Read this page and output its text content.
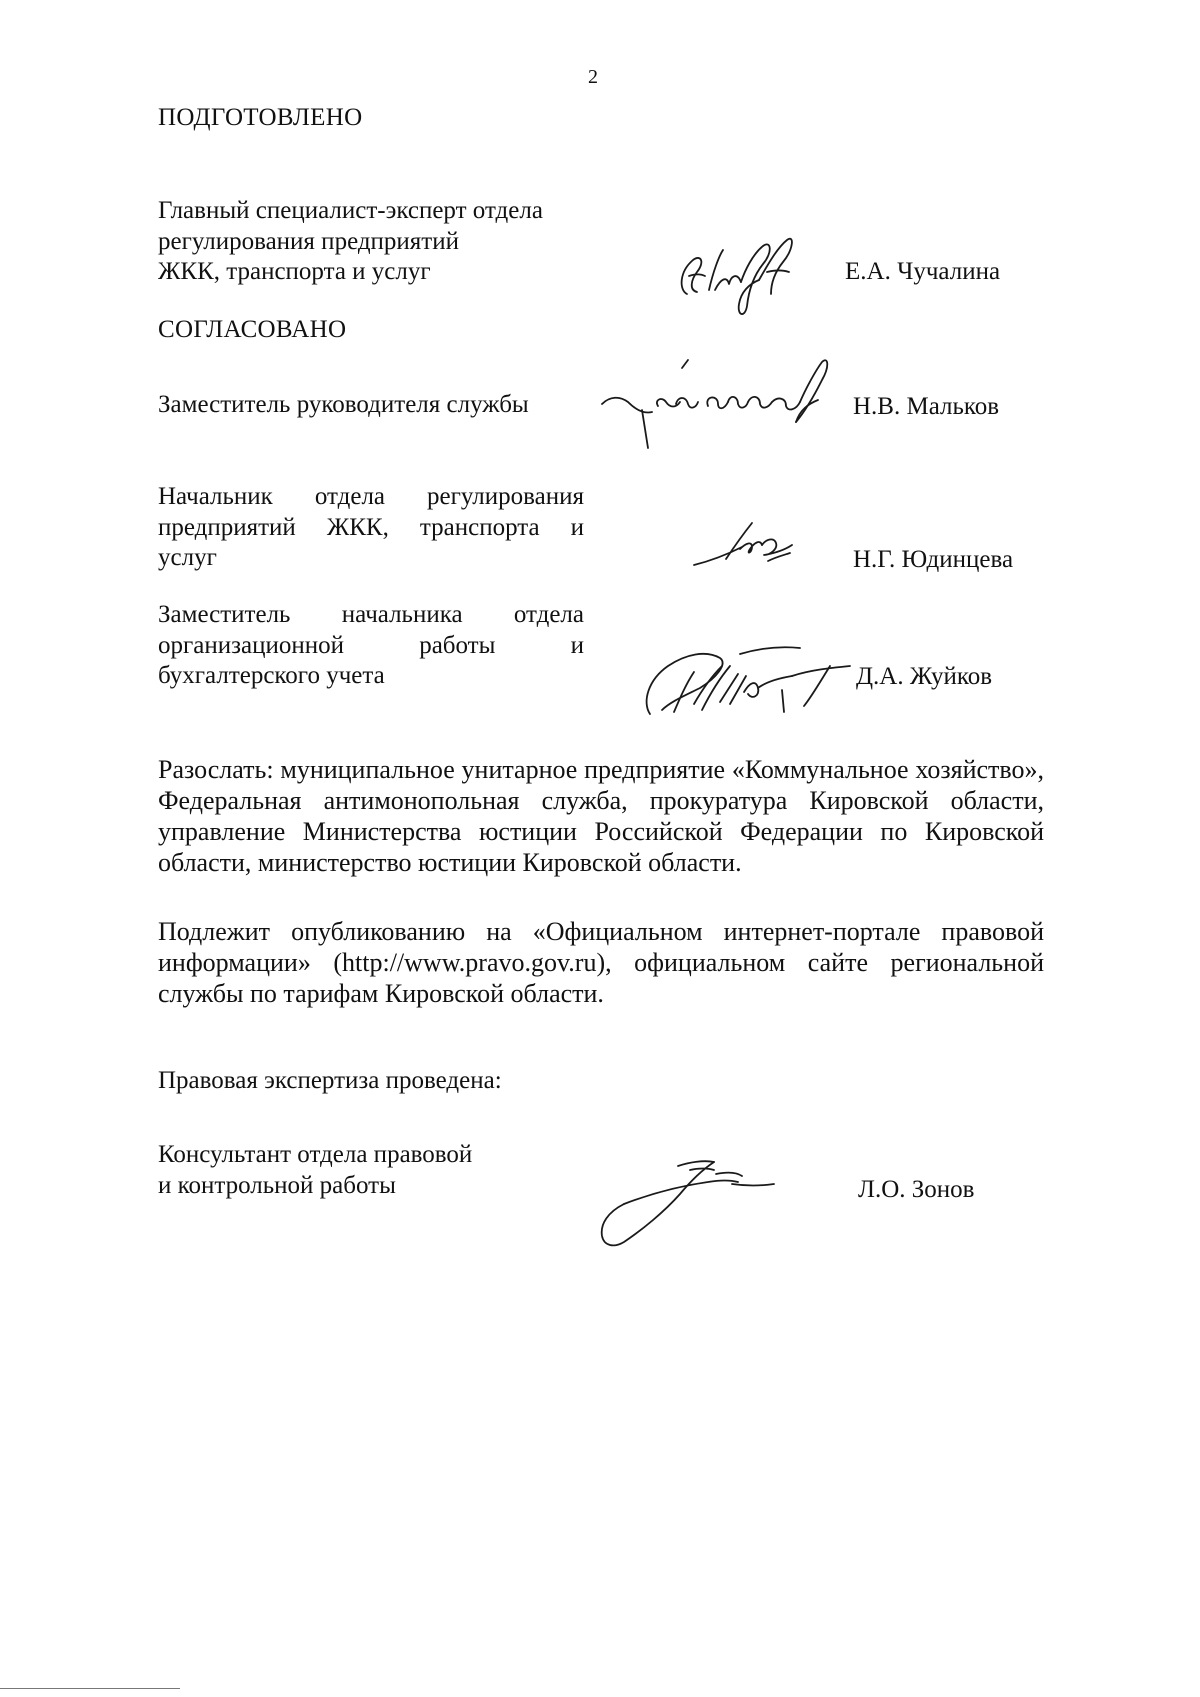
2
ПОДГОТОВЛЕНО
Главный специалист-эксперт отдела
регулирования предприятий
ЖКК, транспорта и услуг	Е.А. Чучалина
СОГЛАСОВАНО
Заместитель руководителя службы	Н.В. Мальков
Начальник отдела регулирования
предприятий ЖКК, транспорта и
услуг	Н.Г. Юдинцева
Заместитель начальника отдела
организационной работы и
бухгалтерского учета	Д.А. Жуйков
Разослать: муниципальное унитарное предприятие «Коммунальное хозяйство», Федеральная антимонопольная служба, прокуратура Кировской области, управление Министерства юстиции Российской Федерации по Кировской области, министерство юстиции Кировской области.
Подлежит опубликованию на «Официальном интернет-портале правовой информации» (http://www.pravo.gov.ru), официальном сайте региональной службы по тарифам Кировской области.
Правовая экспертиза проведена:
Консультант отдела правовой
и контрольной работы	Л.О. Зонов
